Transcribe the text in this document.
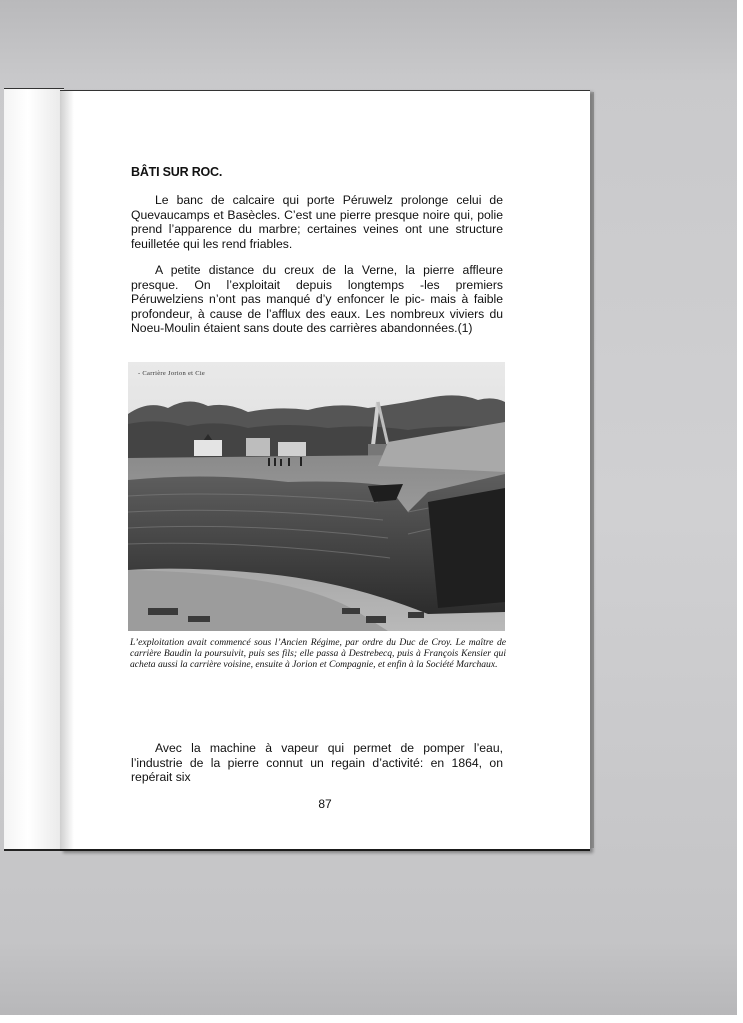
BÂTI SUR ROC.
Le banc de calcaire qui porte Péruwelz prolonge celui de Quevaucamps et Basècles. C’est une pierre presque noire qui, polie prend l’apparence du marbre; certaines veines ont une structure feuilletée qui les rend friables.
A petite distance du creux de la Verne, la pierre affleure presque. On l’exploitait depuis longtemps -les premiers Péruwelziens n’ont pas manqué d’y enfoncer le pic- mais à faible profondeur, à cause de l’afflux des eaux. Les nombreux viviers du Noeu-Moulin étaient sans doute des carrières abandonnées.(1)
- Carrière Jorion et Cie
L’exploitation avait commencé sous l’Ancien Régime, par ordre du Duc de Croy. Le maître de carrière Baudin la poursuivit, puis ses fils; elle passa à Destrebecq, puis à François Kensier qui acheta aussi la carrière voisine, ensuite à Jorion et Compagnie, et enfin à la Société Marchaux.
Avec la machine à vapeur qui permet de pomper l’eau, l’industrie de la pierre connut un regain d’activité: en 1864, on repérait six
87
